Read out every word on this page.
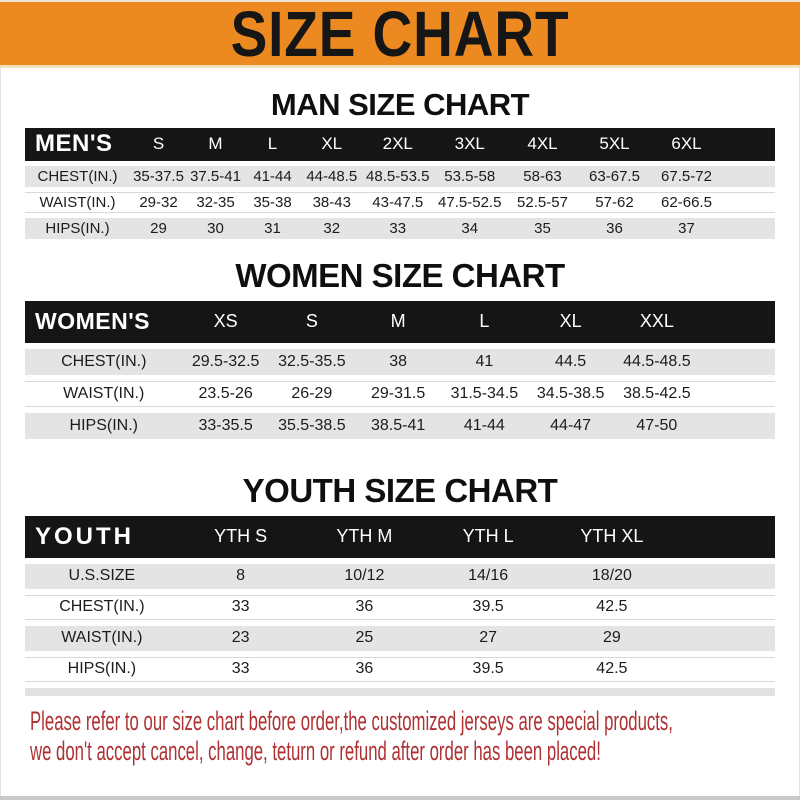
SIZE CHART
MAN SIZE CHART
MEN'S	S	M	L	XL	2XL	3XL	4XL	5XL	6XL	
CHEST(IN.)	35-37.5	37.5-41	41-44	44-48.5	48.5-53.5	53.5-58	58-63	63-67.5	67.5-72	
WAIST(IN.)	29-32	32-35	35-38	38-43	43-47.5	47.5-52.5	52.5-57	57-62	62-66.5	
HIPS(IN.)	29	30	31	32	33	34	35	36	37	
WOMEN SIZE CHART
WOMEN'S	XS	S	M	L	XL	XXL	
CHEST(IN.)	29.5-32.5	32.5-35.5	38	41	44.5	44.5-48.5	
WAIST(IN.)	23.5-26	26-29	29-31.5	31.5-34.5	34.5-38.5	38.5-42.5	
HIPS(IN.)	33-35.5	35.5-38.5	38.5-41	41-44	44-47	47-50	
YOUTH SIZE CHART
YOUTH	YTH S	YTH M	YTH L	YTH XL	
U.S.SIZE	8	10/12	14/16	18/20	
CHEST(IN.)	33	36	39.5	42.5	
WAIST(IN.)	23	25	27	29	
HIPS(IN.)	33	36	39.5	42.5	

Please refer to our size chart before order,the customized jerseys are special products,
we don't accept cancel, change, teturn or refund after order has been placed!
